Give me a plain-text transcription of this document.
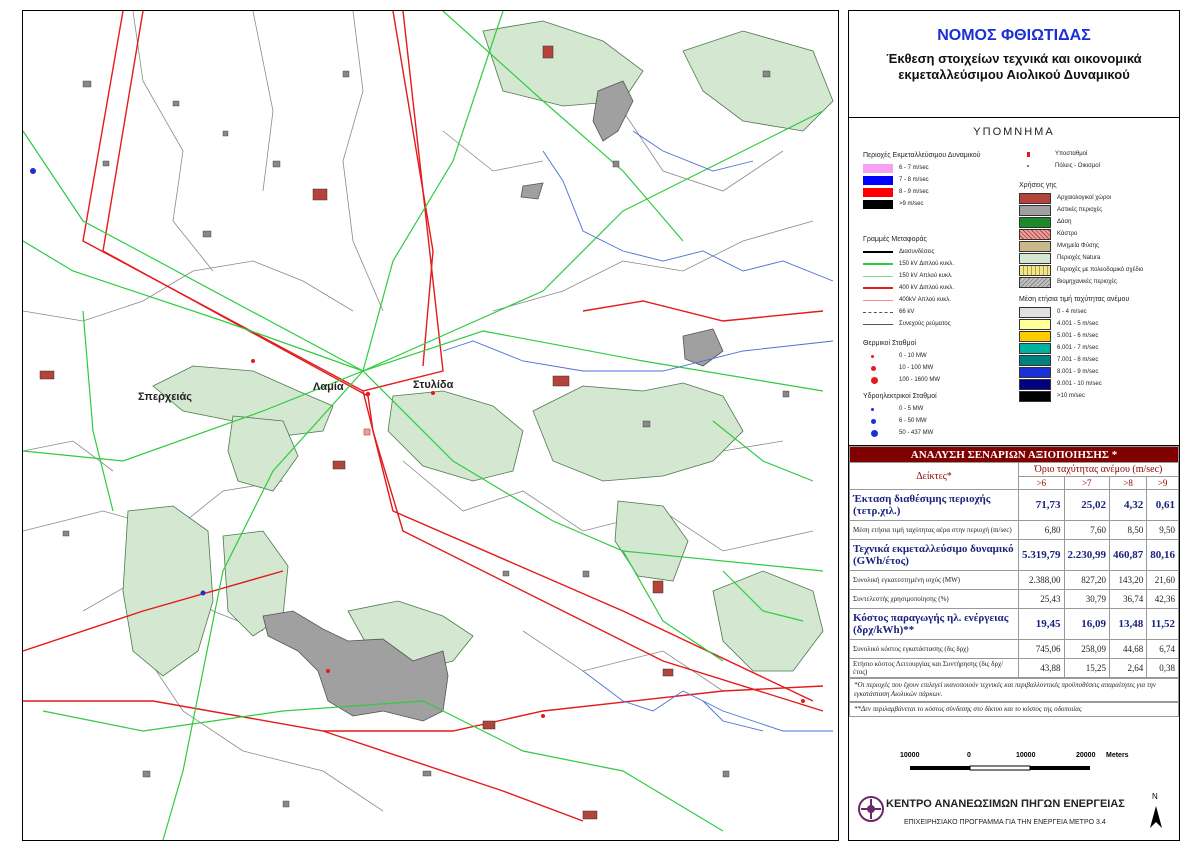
Σπερχειάς
Λαμία	Στυλίδα
ΝΟΜΟΣ ΦΘΙΩΤΙΔΑΣ
Έκθεση στοιχείων τεχνικά και οικονομικά εκμεταλλεύσιμου Αιολικού Δυναμικού
ΥΠΟΜΝΗΜΑ
Περιοχές Εκμεταλλεύσιμου Δυναμικού
6 - 7 m/sec
7 - 8 m/sec
8 - 9 m/sec
>9 m/sec
Γραμμές Μεταφοράς
Διασυνδέσεις
150 kV Διπλού κυκλ.
150 kV Απλού κυκλ.
400 kV Διπλού κυκλ.
400kV Απλού κυκλ.
66 kV
Συνεχούς ρεύματος
Θερμικοί Σταθμοί
0 - 10 MW
10 - 100 MW
100 - 1600 MW
Υδροηλεκτρικοί Σταθμοί
0 - 5 MW
6 - 50 MW
50 - 437 MW
Υποσταθμοί
Πόλεις - Οικισμοί
Χρήσεις γης
Αρχαιολογικοί χώροι
Αστικές περιοχές
Δάση
Κάστρο
Μνημεία Φύσης
Περιοχές Natura
Περιοχές με πολεοδομικό σχέδιο
Βιομηχανικές περιοχές
Μέση ετήσια τιμή ταχύτητας ανέμου
0 - 4 m/sec
4.001 - 5 m/sec
5.001 - 6 m/sec
6.001 - 7 m/sec
7.001 - 8 m/sec
8.001 - 9 m/sec
9.001 - 10 m/sec
>10 m/sec
ΑΝΑΛΥΣΗ ΣΕΝΑΡΙΩΝ ΑΞΙΟΠΟΙΗΣΗΣ *				
Δείκτες*	Όριο ταχύτητας ανέμου (m/sec)			
	>6	>7	>8	>9
Έκταση διαθέσιμης περιοχής (τετρ.χιλ.)	71,73	25,02	4,32	0,61
Μέση ετήσια τιμή ταχύτητας αέρα στην περιοχή (m/sec)	6,80	7,60	8,50	9,50
Τεχνικά εκμεταλλεύσιμο δυναμικό (GWh/έτος)	5.319,79	2.230,99	460,87	80,16
Συνολική εγκατεστημένη ισχύς (MW)	2.388,00	827,20	143,20	21,60
Συντελεστής χρησιμοποίησης (%)	25,43	30,79	36,74	42,36
Κόστος παραγωγής ηλ. ενέργειας (δρχ/kWh)**	19,45	16,09	13,48	11,52
Συνολικό κόστος εγκατάστασης (δις δρχ)	745,06	258,09	44,68	6,74
Ετήσιο κόστος Λειτουργίας και Συντήρησης (δις δρχ/έτος)	43,88	15,25	2,64	0,38
*Οι περιοχές που έχουν επιλεγεί ικανοποιούν τεχνικές και περιβαλλοντικές προϋποθέσεις απαραίτητες για την εγκατάσταση Αιολικών πάρκων.
**Δεν περιλαμβάνεται το κόστος σύνδεσης στο δίκτυο και το κόστος της οδοποιίας
10000	0	10000	20000 Meters
ΚΕΝΤΡΟ ΑΝΑΝΕΩΣΙΜΩΝ ΠΗΓΩΝ ΕΝΕΡΓΕΙΑΣ
ΕΠΙΧΕΙΡΗΣΙΑΚΟ ΠΡΟΓΡΑΜΜΑ ΓΙΑ ΤΗΝ ΕΝΕΡΓΕΙΑ ΜΕΤΡΟ 3.4
N
